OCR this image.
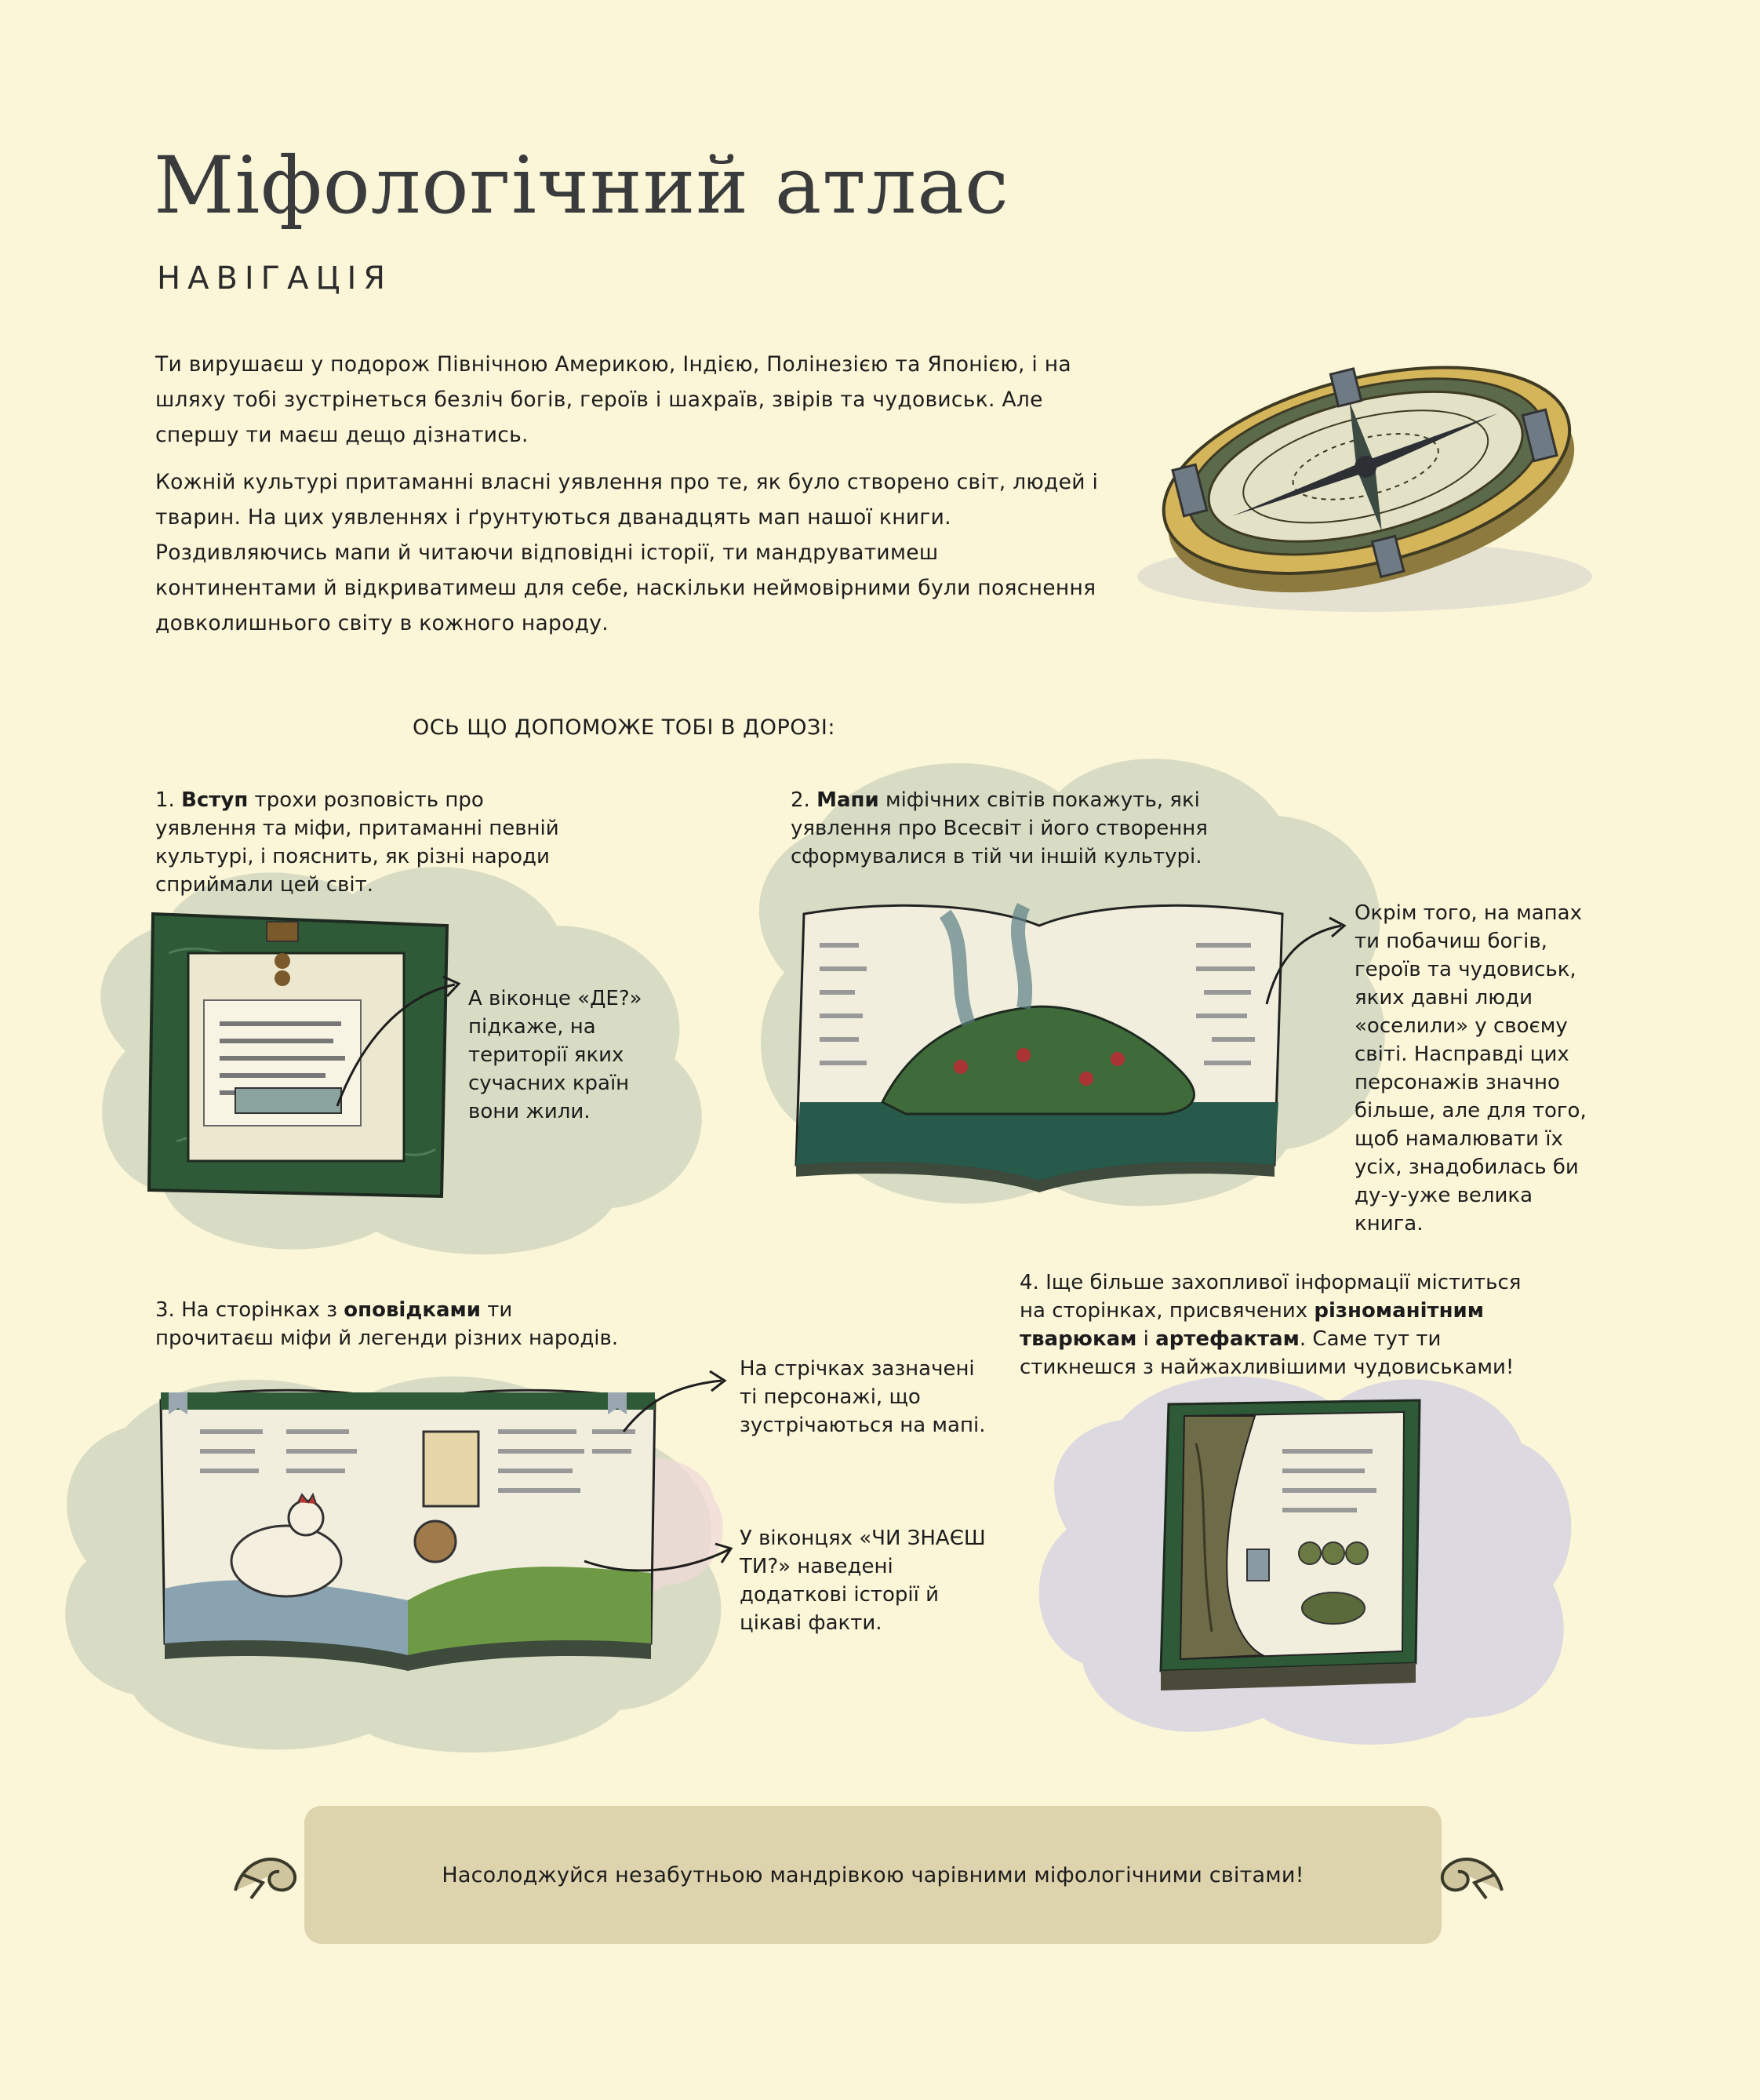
Міфологічний атлас
НАВІГАЦІЯ

Ти вирушаєш у подорож Північною Америкою, Індією, Полінезією та Японією, і на шляху тобі зустрінеться безліч богів, героїв і шахраїв, звірів та чудовиськ. Але спершу ти маєш дещо дізнатись.

Кожній культурі притаманні власні уявлення про те, як було створено світ, людей і тварин. На цих уявленнях і ґрунтуються дванадцять мап нашої книги. Роздивляючись мапи й читаючи відповідні історії, ти мандруватимеш континентами й відкриватимеш для себе, наскільки неймовірними були пояснення довколишнього світу в кожного народу.

ОСЬ ЩО ДОПОМОЖЕ ТОБІ В ДОРОЗІ:

1. Вступ трохи розповість про уявлення та міфи, притаманні певній культурі, і пояснить, як різні народи сприймали цей світ.

А віконце «ДЕ?» підкаже, на території яких сучасних країн вони жили.

2. Мапи міфічних світів покажуть, які уявлення про Всесвіт і його створення сформувалися в тій чи іншій культурі.

Окрім того, на мапах ти побачиш богів, героїв та чудовиськ, яких давні люди «оселили» у своєму світі. Насправді цих персонажів значно більше, але для того, щоб намалювати їх усіх, знадобилась би ду-у-уже велика книга.

3. На сторінках з оповідками ти прочитаєш міфи й легенди різних народів.

На стрічках зазначені ті персонажі, що зустрічаються на мапі.

У віконцях «ЧИ ЗНАЄШ ТИ?» наведені додаткові історії й цікаві факти.

4. Іще більше захопливої інформації міститься на сторінках, присвячених різноманітним тварюкам і артефактам. Саме тут ти стикнешся з найжахливішими чудовиськами!

Насолоджуйся незабутньою мандрівкою чарівними міфологічними світами!
